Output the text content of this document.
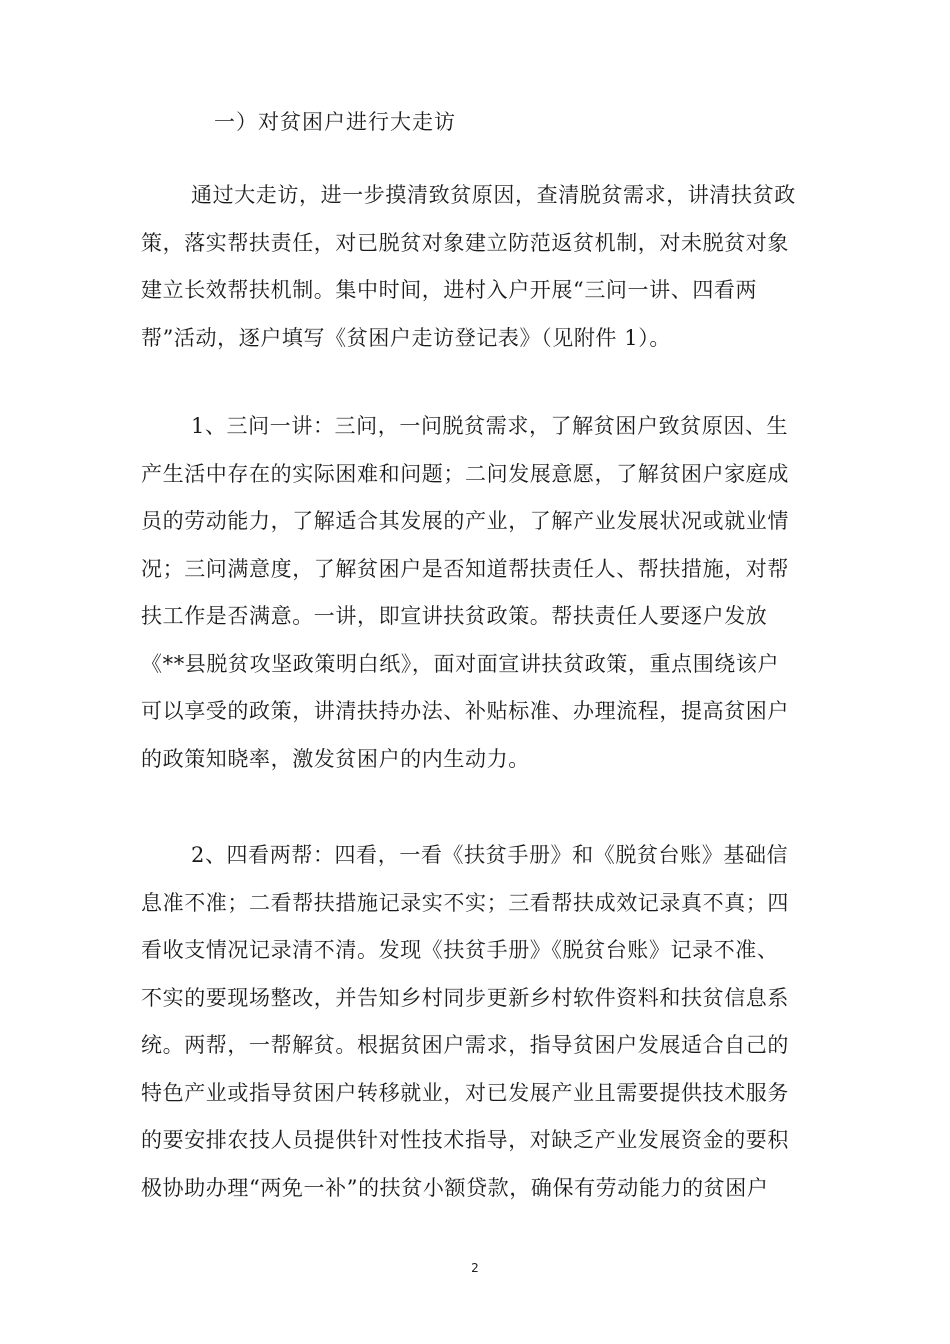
一）对贫困户进行大走访
通过大走访，进一步摸清致贫原因，查清脱贫需求，讲清扶贫政
策，落实帮扶责任，对已脱贫对象建立防范返贫机制，对未脱贫对象
建立长效帮扶机制。集中时间，进村入户开展“三问一讲、四看两
帮”活动，逐户填写《贫困户走访登记表》（见附件 1）。
1、三问一讲：三问，一问脱贫需求，了解贫困户致贫原因、生
产生活中存在的实际困难和问题；二问发展意愿，了解贫困户家庭成
员的劳动能力，了解适合其发展的产业，了解产业发展状况或就业情
况；三问满意度，了解贫困户是否知道帮扶责任人、帮扶措施，对帮
扶工作是否满意。一讲，即宣讲扶贫政策。帮扶责任人要逐户发放
《**县脱贫攻坚政策明白纸》，面对面宣讲扶贫政策，重点围绕该户
可以享受的政策，讲清扶持办法、补贴标准、办理流程，提高贫困户
的政策知晓率，激发贫困户的内生动力。
2、四看两帮：四看，一看《扶贫手册》和《脱贫台账》基础信
息准不准；二看帮扶措施记录实不实；三看帮扶成效记录真不真；四
看收支情况记录清不清。发现《扶贫手册》《脱贫台账》记录不准、
不实的要现场整改，并告知乡村同步更新乡村软件资料和扶贫信息系
统。两帮，一帮解贫。根据贫困户需求，指导贫困户发展适合自己的
特色产业或指导贫困户转移就业，对已发展产业且需要提供技术服务
的要安排农技人员提供针对性技术指导，对缺乏产业发展资金的要积
极协助办理“两免一补”的扶贫小额贷款，确保有劳动能力的贫困户
2
